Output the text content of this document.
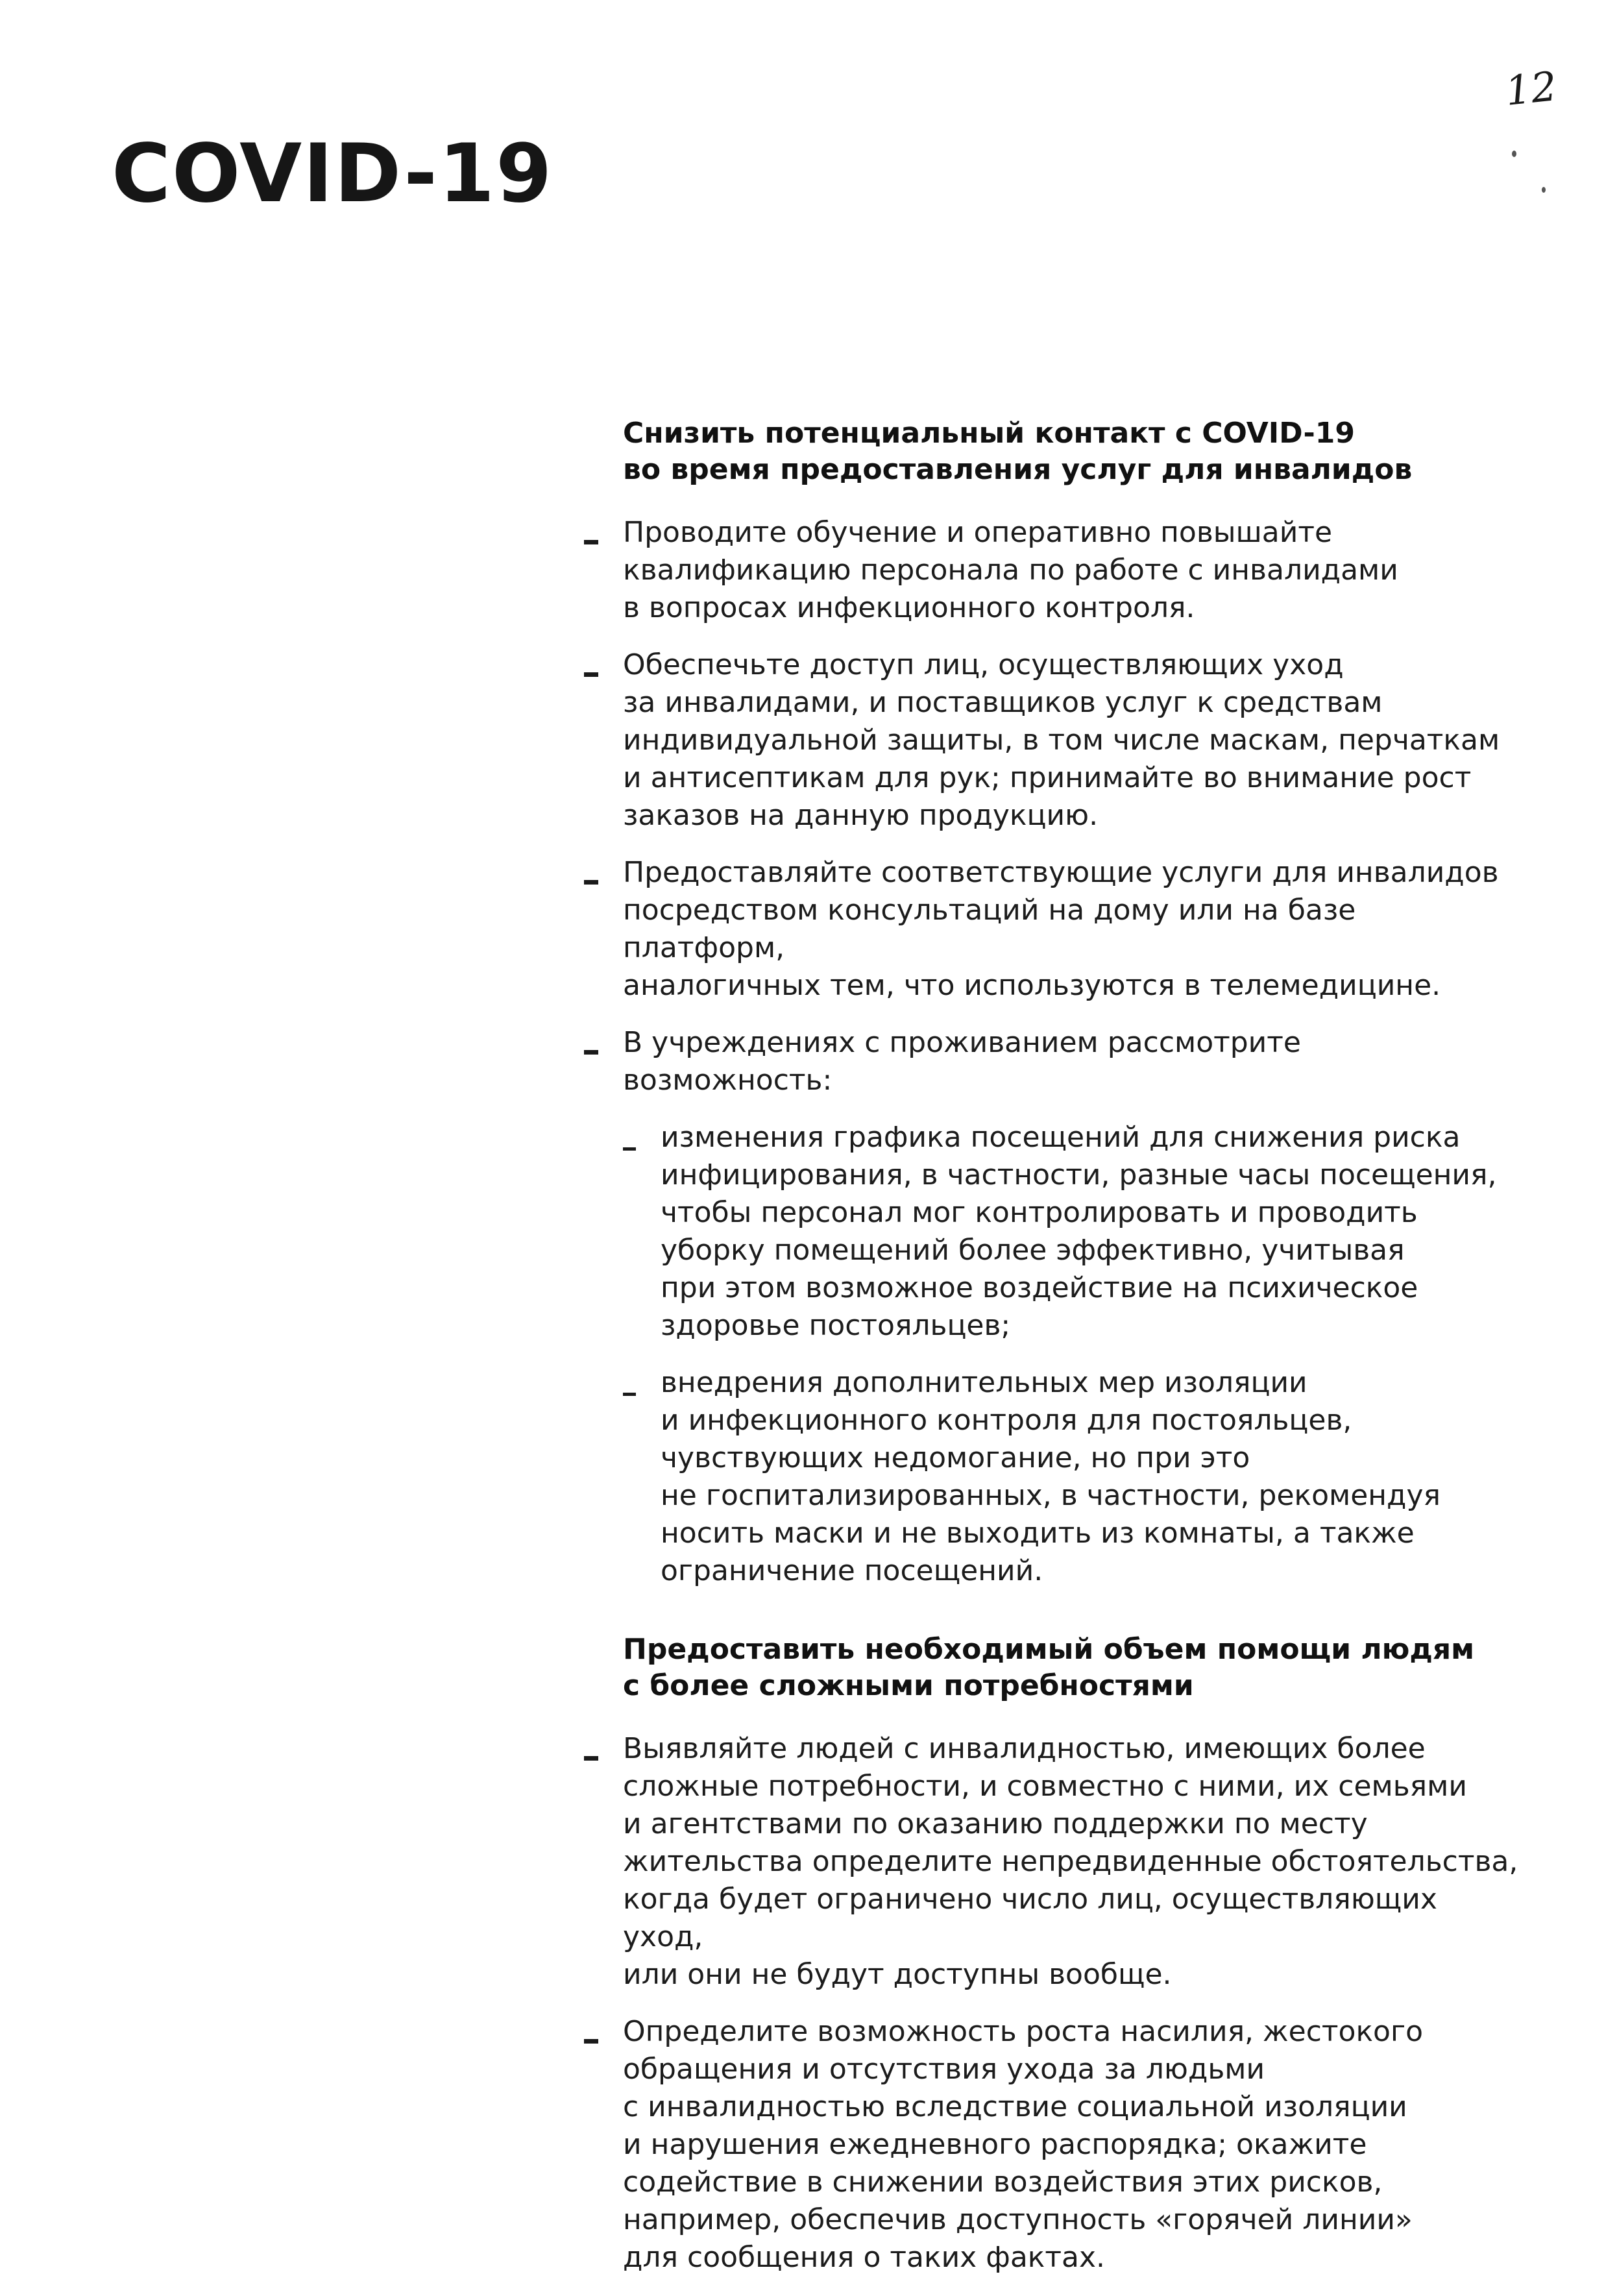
COVID-19
12
Снизить потенциальный контакт с COVID-19
во время предоставления услуг для инвалидов
Проводите обучение и оперативно повышайте
квалификацию персонала по работе с инвалидами
в вопросах инфекционного контроля.
Обеспечьте доступ лиц, осуществляющих уход
за инвалидами, и поставщиков услуг к средствам
индивидуальной защиты, в том числе маскам, перчаткам
и антисептикам для рук; принимайте во внимание рост
заказов на данную продукцию.
Предоставляйте соответствующие услуги для инвалидов
посредством консультаций на дому или на базе платформ,
аналогичных тем, что используются в телемедицине.
В учреждениях с проживанием рассмотрите возможность:
изменения графика посещений для снижения риска
инфицирования, в частности, разные часы посещения,
чтобы персонал мог контролировать и проводить
уборку помещений более эффективно, учитывая
при этом возможное воздействие на психическое
здоровье постояльцев;
внедрения дополнительных мер изоляции
и инфекционного контроля для постояльцев,
чувствующих недомогание, но при это
не госпитализированных, в частности, рекомендуя
носить маски и не выходить из комнаты, а также
ограничение посещений.
Предоставить необходимый объем помощи людям
с более сложными потребностями
Выявляйте людей с инвалидностью, имеющих более
сложные потребности, и совместно с ними, их семьями
и агентствами по оказанию поддержки по месту
жительства определите непредвиденные обстоятельства,
когда будет ограничено число лиц, осуществляющих уход,
или они не будут доступны вообще.
Определите возможность роста насилия, жестокого
обращения и отсутствия ухода за людьми
с инвалидностью вследствие социальной изоляции
и нарушения ежедневного распорядка; окажите
содействие в снижении воздействия этих рисков,
например, обеспечив доступность «горячей линии»
для сообщения о таких фактах.
